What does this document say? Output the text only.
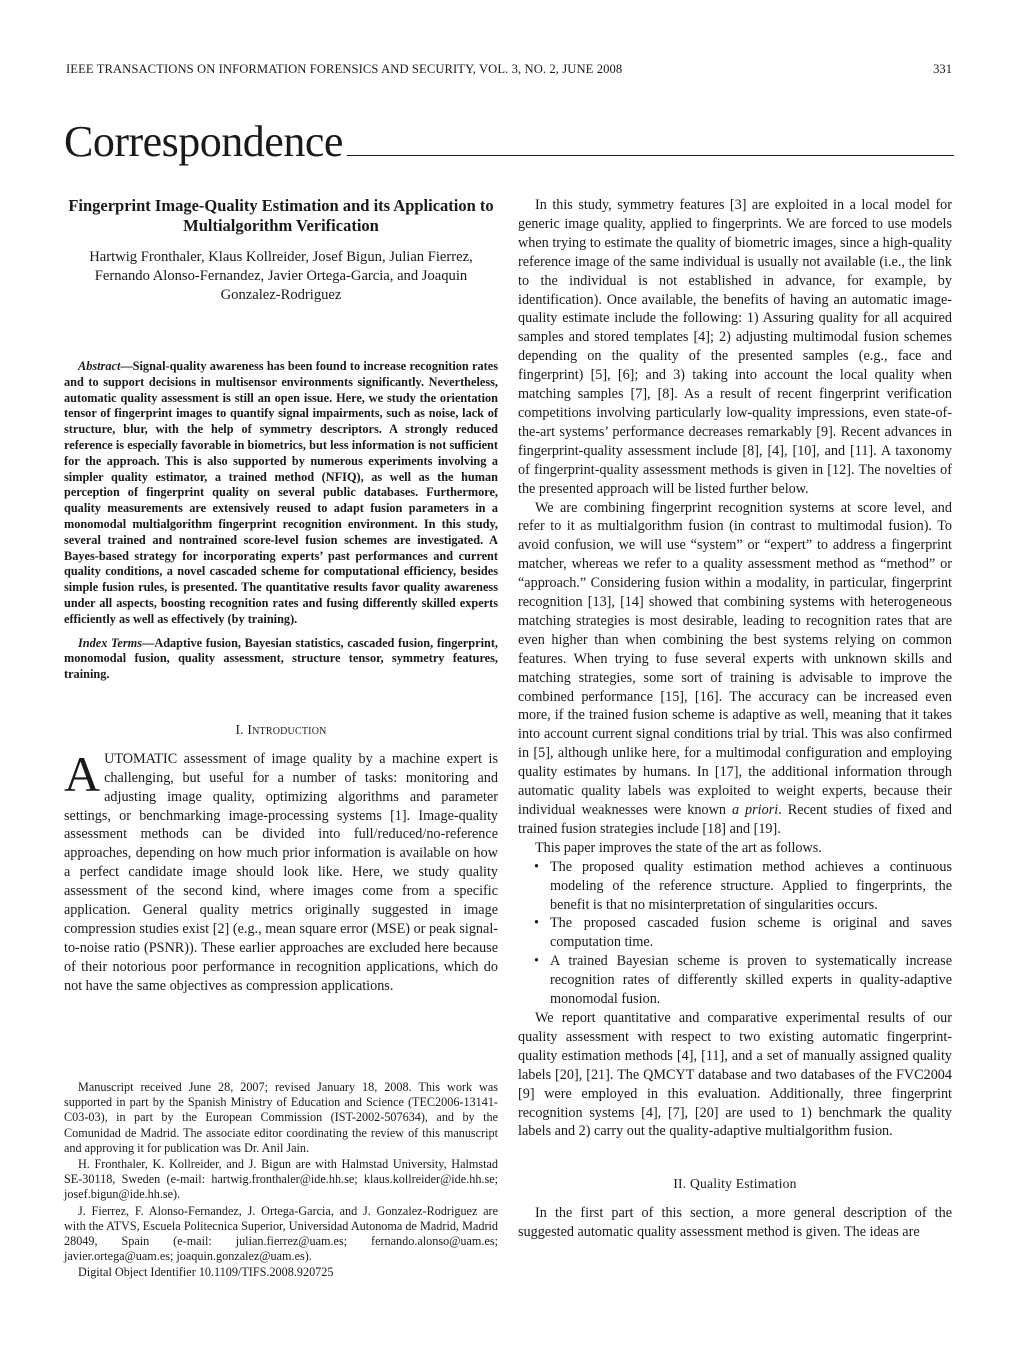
IEEE TRANSACTIONS ON INFORMATION FORENSICS AND SECURITY, VOL. 3, NO. 2, JUNE 2008	331
Correspondence
Fingerprint Image-Quality Estimation and its Application to Multialgorithm Verification
Hartwig Fronthaler, Klaus Kollreider, Josef Bigun, Julian Fierrez, Fernando Alonso-Fernandez, Javier Ortega-Garcia, and Joaquin Gonzalez-Rodriguez

Abstract—Signal-quality awareness has been found to increase recognition rates and to support decisions in multisensor environments significantly. Nevertheless, automatic quality assessment is still an open issue. Here, we study the orientation tensor of fingerprint images to quantify signal impairments, such as noise, lack of structure, blur, with the help of symmetry descriptors. A strongly reduced reference is especially favorable in biometrics, but less information is not sufficient for the approach. This is also supported by numerous experiments involving a simpler quality estimator, a trained method (NFIQ), as well as the human perception of fingerprint quality on several public databases. Furthermore, quality measurements are extensively reused to adapt fusion parameters in a monomodal multialgorithm fingerprint recognition environment. In this study, several trained and nontrained score-level fusion schemes are investigated. A Bayes-based strategy for incorporating experts’ past performances and current quality conditions, a novel cascaded scheme for computational efficiency, besides simple fusion rules, is presented. The quantitative results favor quality awareness under all aspects, boosting recognition rates and fusing differently skilled experts efficiently as well as effectively (by training).

Index Terms—Adaptive fusion, Bayesian statistics, cascaded fusion, fingerprint, monomodal fusion, quality assessment, structure tensor, symmetry features, training.

I. Introduction

AUTOMATIC assessment of image quality by a machine expert is challenging, but useful for a number of tasks: monitoring and adjusting image quality, optimizing algorithms and parameter settings, or benchmarking image-processing systems [1]. Image-quality assessment methods can be divided into full/reduced/no-reference approaches, depending on how much prior information is available on how a perfect candidate image should look like. Here, we study quality assessment of the second kind, where images come from a specific application. General quality metrics originally suggested in image compression studies exist [2] (e.g., mean square error (MSE) or peak signal-to-noise ratio (PSNR)). These earlier approaches are excluded here because of their notorious poor performance in recognition applications, which do not have the same objectives as compression applications.

Manuscript received June 28, 2007; revised January 18, 2008. This work was supported in part by the Spanish Ministry of Education and Science (TEC2006-13141-C03-03), in part by the European Commission (IST-2002-507634), and by the Comunidad de Madrid. The associate editor coordinating the review of this manuscript and approving it for publication was Dr. Anil Jain.

H. Fronthaler, K. Kollreider, and J. Bigun are with Halmstad University, Halmstad SE-30118, Sweden (e-mail: hartwig.fronthaler@ide.hh.se; klaus.kollreider@ide.hh.se; josef.bigun@ide.hh.se).

J. Fierrez, F. Alonso-Fernandez, J. Ortega-Garcia, and J. Gonzalez-Rodriguez are with the ATVS, Escuela Politecnica Superior, Universidad Autonoma de Madrid, Madrid 28049, Spain (e-mail: julian.fierrez@uam.es; fernando.alonso@uam.es; javier.ortega@uam.es; joaquin.gonzalez@uam.es).

Digital Object Identifier 10.1109/TIFS.2008.920725

In this study, symmetry features [3] are exploited in a local model for generic image quality, applied to fingerprints. We are forced to use models when trying to estimate the quality of biometric images, since a high-quality reference image of the same individual is usually not available (i.e., the link to the individual is not established in advance, for example, by identification). Once available, the benefits of having an automatic image-quality estimate include the following: 1) Assuring quality for all acquired samples and stored templates [4]; 2) adjusting multimodal fusion schemes depending on the quality of the presented samples (e.g., face and fingerprint) [5], [6]; and 3) taking into account the local quality when matching samples [7], [8]. As a result of recent fingerprint verification competitions involving particularly low-quality impressions, even state-of-the-art systems’ performance decreases remarkably [9]. Recent advances in fingerprint-quality assessment include [8], [4], [10], and [11]. A taxonomy of fingerprint-quality assessment methods is given in [12]. The novelties of the presented approach will be listed further below.

We are combining fingerprint recognition systems at score level, and refer to it as multialgorithm fusion (in contrast to multimodal fusion). To avoid confusion, we will use “system” or “expert” to address a fingerprint matcher, whereas we refer to a quality assessment method as “method” or “approach.” Considering fusion within a modality, in particular, fingerprint recognition [13], [14] showed that combining systems with heterogeneous matching strategies is most desirable, leading to recognition rates that are even higher than when combining the best systems relying on common features. When trying to fuse several experts with unknown skills and matching strategies, some sort of training is advisable to improve the combined performance [15], [16]. The accuracy can be increased even more, if the trained fusion scheme is adaptive as well, meaning that it takes into account current signal conditions trial by trial. This was also confirmed in [5], although unlike here, for a multimodal configuration and employing quality estimates by humans. In [17], the additional information through automatic quality labels was exploited to weight experts, because their individual weaknesses were known a priori. Recent studies of fixed and trained fusion strategies include [18] and [19].

This paper improves the state of the art as follows.

• The proposed quality estimation method achieves a continuous modeling of the reference structure. Applied to fingerprints, the benefit is that no misinterpretation of singularities occurs.
• The proposed cascaded fusion scheme is original and saves computation time.
• A trained Bayesian scheme is proven to systematically increase recognition rates of differently skilled experts in quality-adaptive monomodal fusion.

We report quantitative and comparative experimental results of our quality assessment with respect to two existing automatic fingerprint-quality estimation methods [4], [11], and a set of manually assigned quality labels [20], [21]. The QMCYT database and two databases of the FVC2004 [9] were employed in this evaluation. Additionally, three fingerprint recognition systems [4], [7], [20] are used to 1) benchmark the quality labels and 2) carry out the quality-adaptive multialgorithm fusion.

II. Quality Estimation

In the first part of this section, a more general description of the suggested automatic quality assessment method is given. The ideas are
